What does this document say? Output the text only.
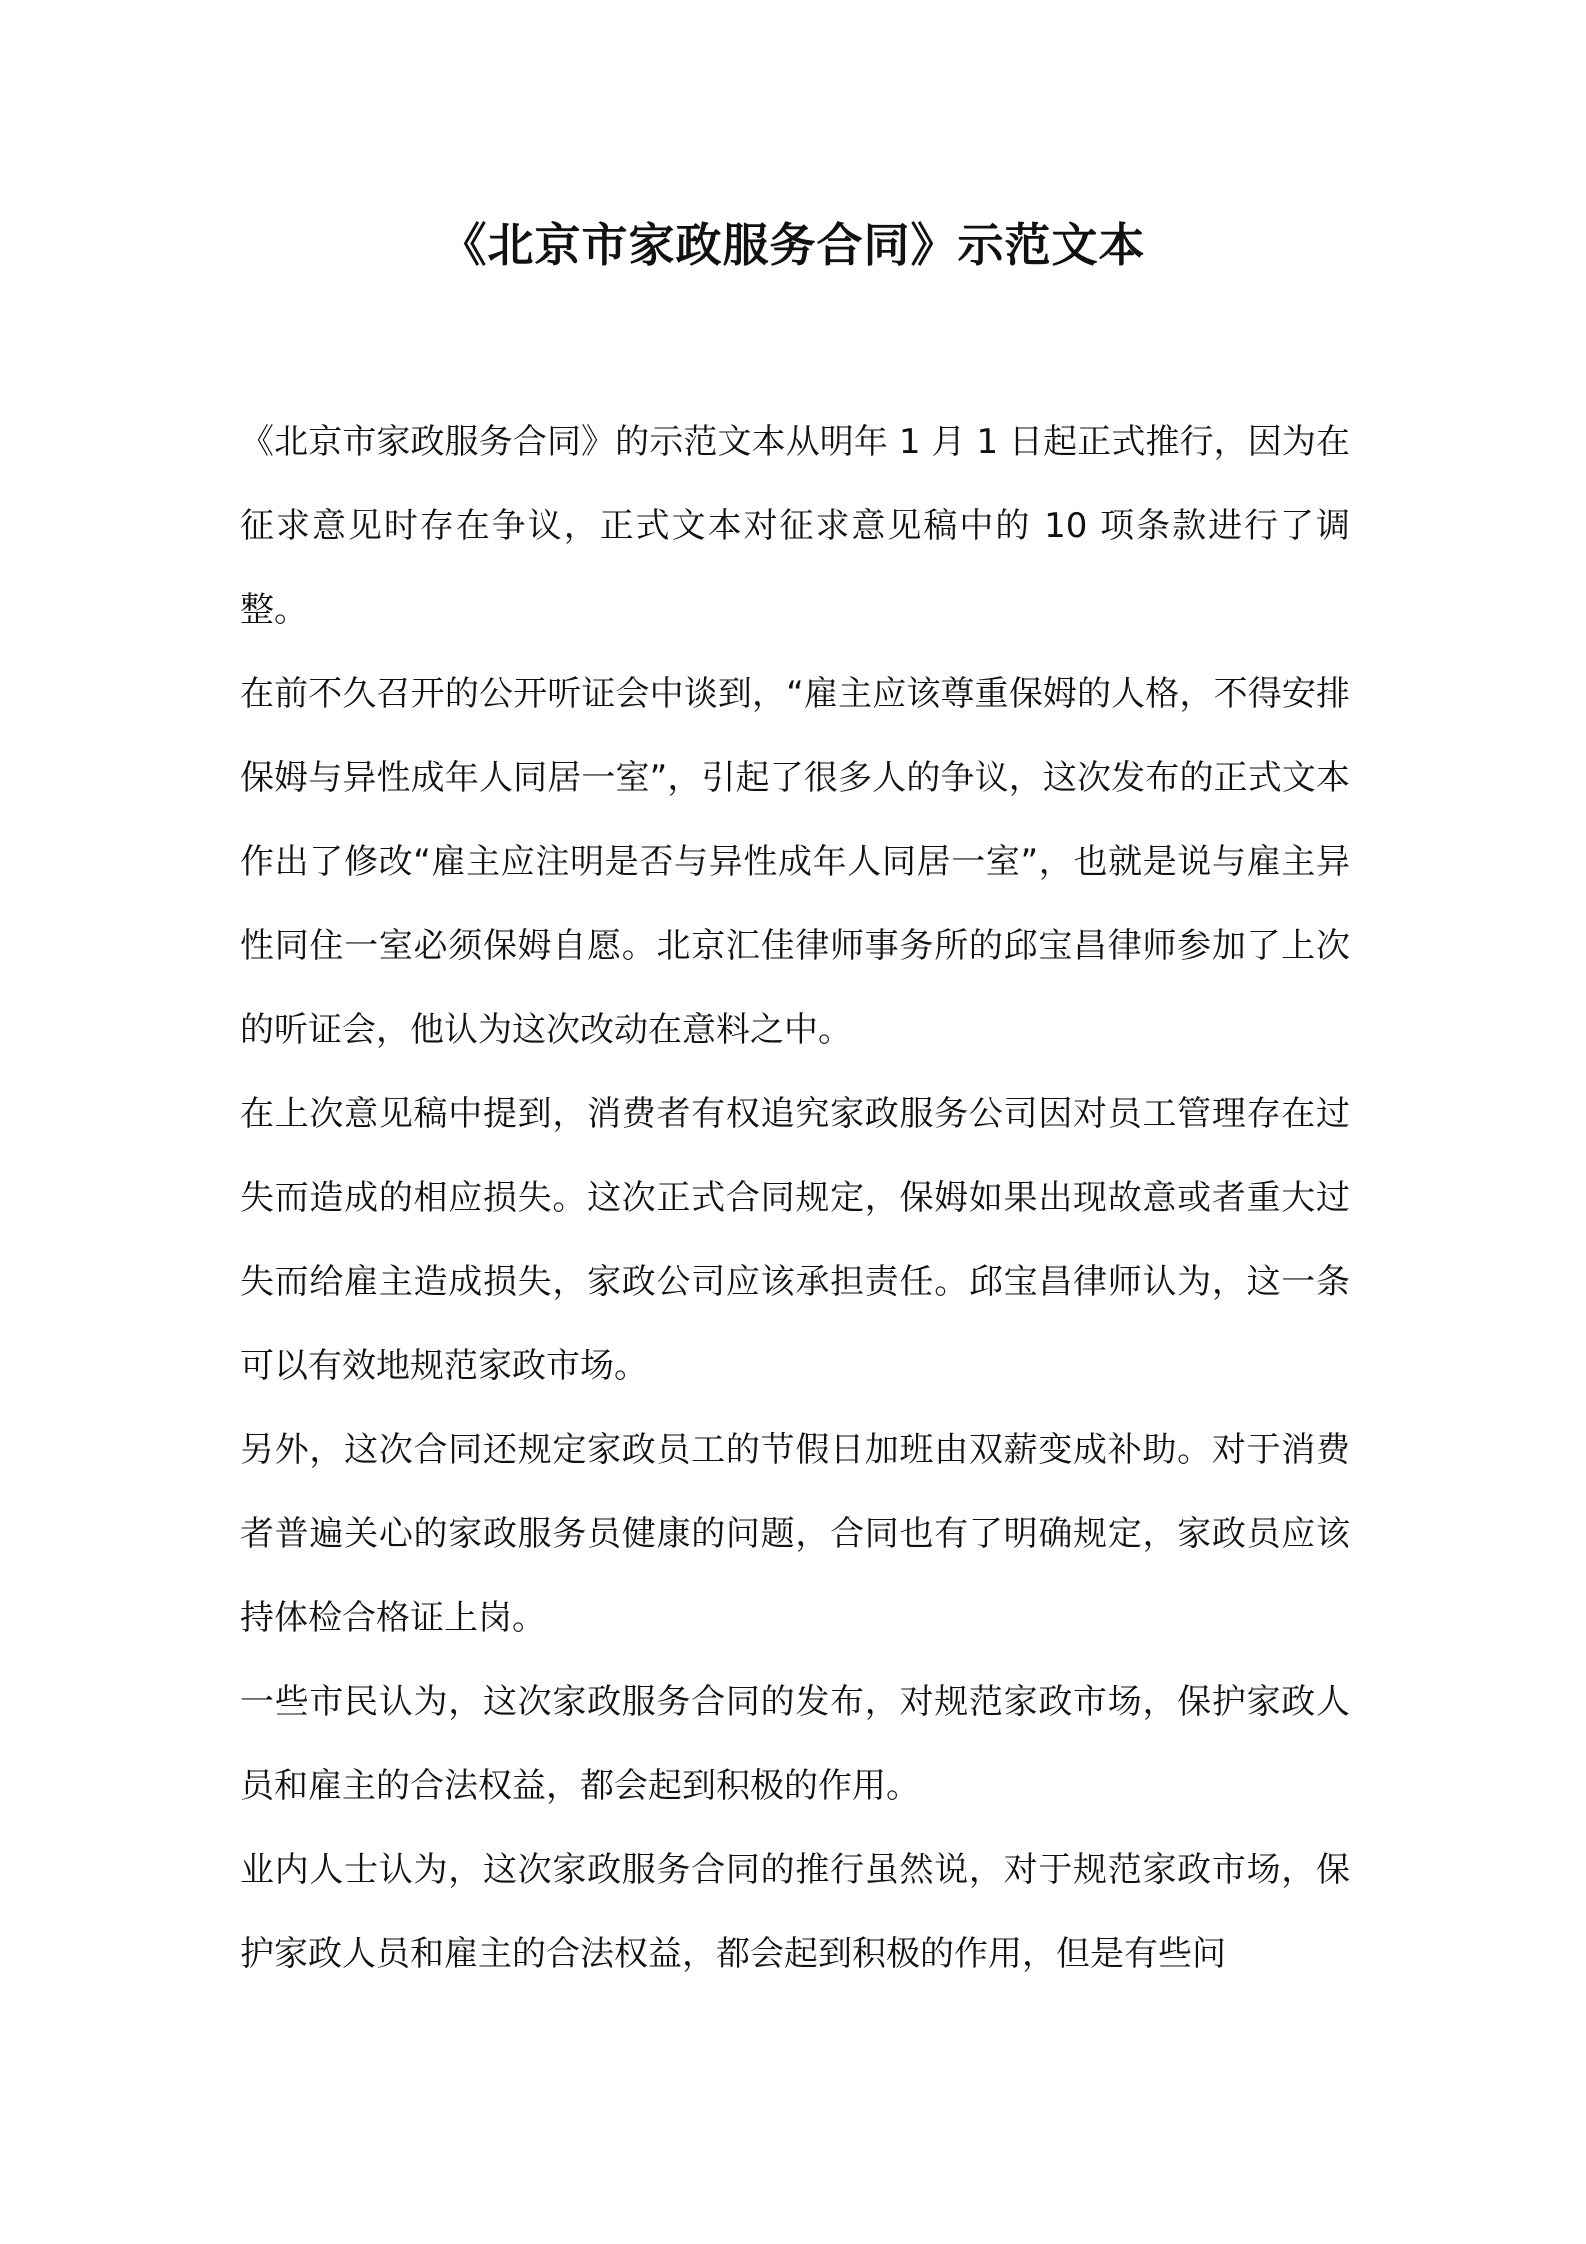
《北京市家政服务合同》示范文本

《北京市家政服务合同》的示范文本从明年 1 月 1 日起正式推行，因为在征求意见时存在争议，正式文本对征求意见稿中的 10 项条款进行了调整。

在前不久召开的公开听证会中谈到，“雇主应该尊重保姆的人格，不得安排保姆与异性成年人同居一室”，引起了很多人的争议，这次发布的正式文本作出了修改“雇主应注明是否与异性成年人同居一室”，也就是说与雇主异性同住一室必须保姆自愿。北京汇佳律师事务所的邱宝昌律师参加了上次的听证会，他认为这次改动在意料之中。

在上次意见稿中提到，消费者有权追究家政服务公司因对员工管理存在过失而造成的相应损失。这次正式合同规定，保姆如果出现故意或者重大过失而给雇主造成损失，家政公司应该承担责任。邱宝昌律师认为，这一条可以有效地规范家政市场。

另外，这次合同还规定家政员工的节假日加班由双薪变成补助。对于消费者普遍关心的家政服务员健康的问题，合同也有了明确规定，家政员应该持体检合格证上岗。

一些市民认为，这次家政服务合同的发布，对规范家政市场，保护家政人员和雇主的合法权益，都会起到积极的作用。

业内人士认为，这次家政服务合同的推行虽然说，对于规范家政市场，保护家政人员和雇主的合法权益，都会起到积极的作用，但是有些问
